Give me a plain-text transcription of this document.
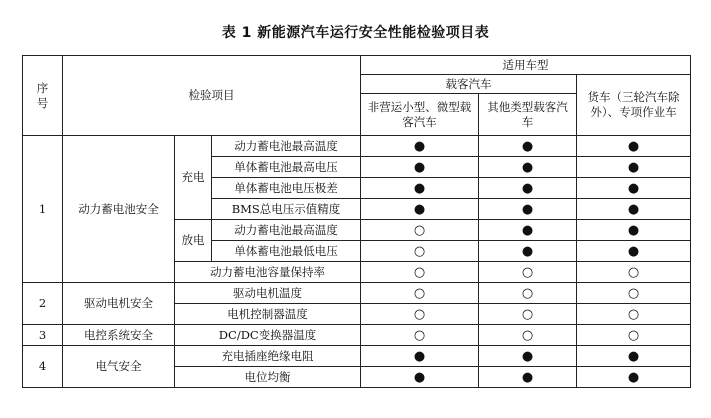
表 1 新能源汽车运行安全性能检验项目表
序
号	检验项目			适用车型		
				载客汽车		货车（三轮汽车除外）、专项作业车
				非营运小型、微型载客汽车	其他类型载客汽车	
1	动力蓄电池安全	充电	动力蓄电池最高温度	●	●	●
			单体蓄电池最高电压	●	●	●
			单体蓄电池电压极差	●	●	●
			BMS总电压示值精度	●	●	●
		放电	动力蓄电池最高温度	○	●	●
			单体蓄电池最低电压	○	●	●
		动力蓄电池容量保持率		○	○	○
2	驱动电机安全	驱动电机温度		○	○	○
		电机控制器温度		○	○	○
3	电控系统安全	DC/DC变换器温度		○	○	○
4	电气安全	充电插座绝缘电阻		●	●	●
		电位均衡		●	●	●
